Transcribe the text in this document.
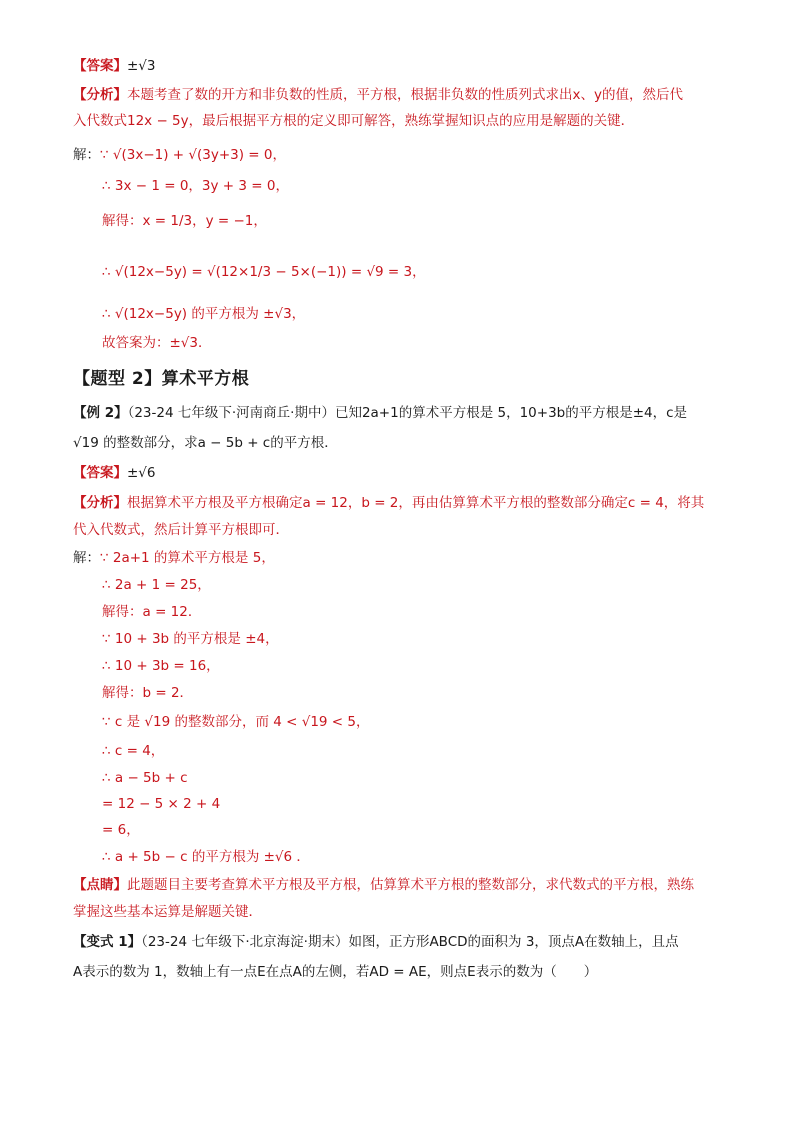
【答案】±√3
【分析】本题考查了数的开方和非负数的性质，平方根，根据非负数的性质列式求出x、y的值，然后代
入代数式12x − 5y，最后根据平方根的定义即可解答，熟练掌握知识点的应用是解题的关键．
解：∵ √(3x−1) + √(3y+3) = 0，
∴ 3x − 1 = 0，3y + 3 = 0，
解得：x = 1/3，y = −1，
∴ √(12x−5y) = √(12×1/3 − 5×(−1)) = √9 = 3，
∴ √(12x−5y) 的平方根为 ±√3，
故答案为：±√3．
【题型 2】算术平方根
【例 2】（23-24 七年级下·河南商丘·期中）已知2a+1的算术平方根是 5，10+3b的平方根是±4，c是
√19 的整数部分，求a − 5b + c的平方根．
【答案】±√6
【分析】根据算术平方根及平方根确定a = 12，b = 2，再由估算算术平方根的整数部分确定c = 4，将其
代入代数式，然后计算平方根即可．
解：∵ 2a+1 的算术平方根是 5，
∴ 2a + 1 = 25，
解得：a = 12．
∵ 10 + 3b 的平方根是 ±4，
∴ 10 + 3b = 16，
解得：b = 2．
∵ c 是 √19 的整数部分，而 4 < √19 < 5，
∴ c = 4，
∴ a − 5b + c
= 12 − 5 × 2 + 4
= 6，
∴ a + 5b − c 的平方根为 ±√6 ．
【点睛】此题题目主要考查算术平方根及平方根，估算算术平方根的整数部分，求代数式的平方根，熟练
掌握这些基本运算是解题关键．
【变式 1】（23-24 七年级下·北京海淀·期末）如图，正方形ABCD的面积为 3，顶点A在数轴上，且点
A表示的数为 1，数轴上有一点E在点A的左侧，若AD = AE，则点E表示的数为（　　）
